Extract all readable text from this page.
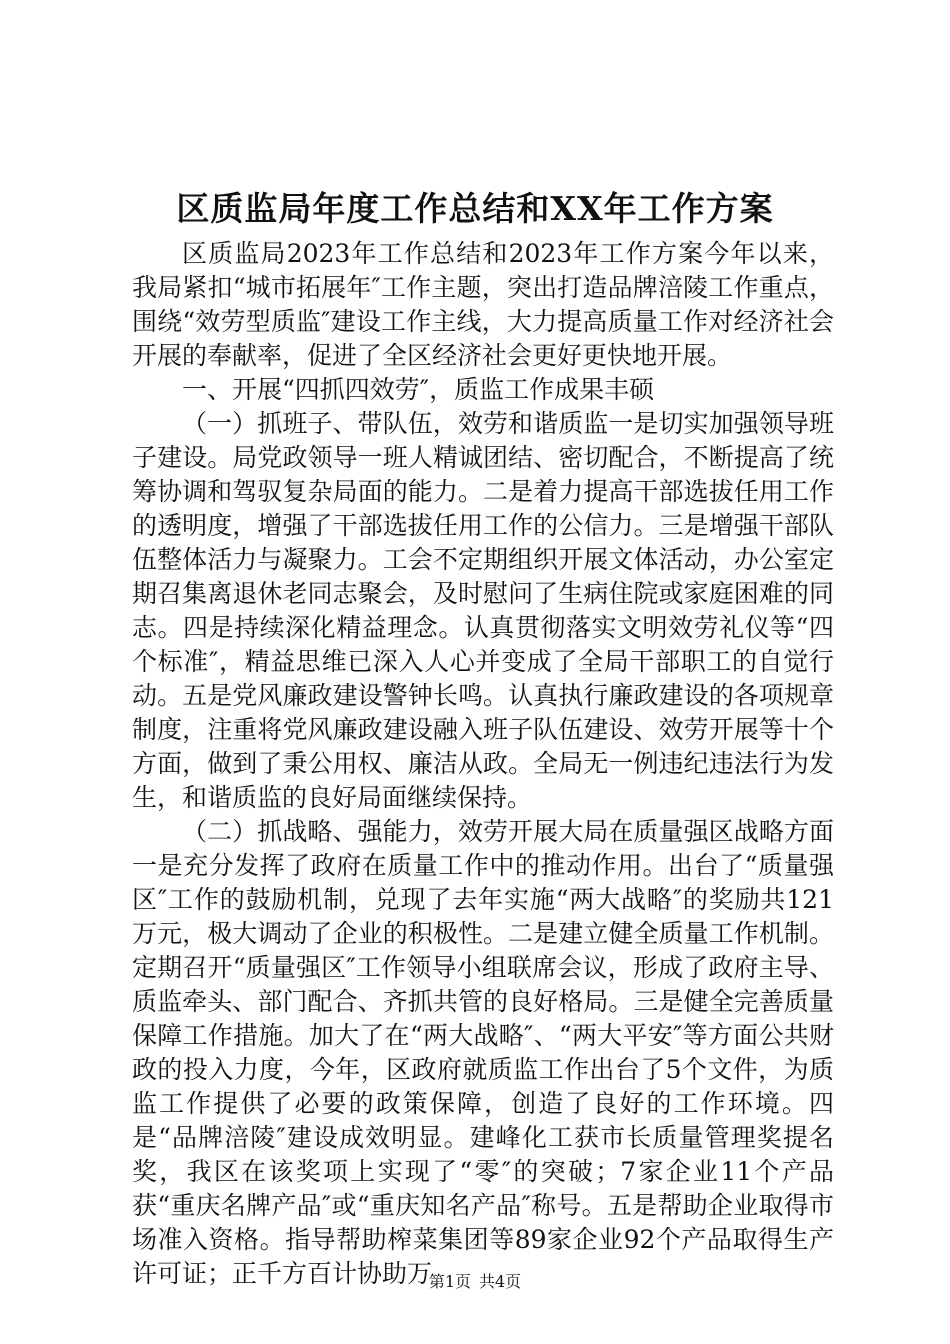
区质监局年度工作总结和XX年工作方案

区质监局2023年工作总结和2023年工作方案今年以来，我局紧扣“城市拓展年″工作主题，突出打造品牌涪陵工作重点，围绕“效劳型质监″建设工作主线，大力提高质量工作对经济社会开展的奉献率，促进了全区经济社会更好更快地开展。

一、开展“四抓四效劳″，质监工作成果丰硕

（一）抓班子、带队伍，效劳和谐质监一是切实加强领导班子建设。局党政领导一班人精诚团结、密切配合，不断提高了统筹协调和驾驭复杂局面的能力。二是着力提高干部选拔任用工作的透明度，增强了干部选拔任用工作的公信力。三是增强干部队伍整体活力与凝聚力。工会不定期组织开展文体活动，办公室定期召集离退休老同志聚会，及时慰问了生病住院或家庭困难的同志。四是持续深化精益理念。认真贯彻落实文明效劳礼仪等“四个标准″，精益思维已深入人心并变成了全局干部职工的自觉行动。五是党风廉政建设警钟长鸣。认真执行廉政建设的各项规章制度，注重将党风廉政建设融入班子队伍建设、效劳开展等十个方面，做到了秉公用权、廉洁从政。全局无一例违纪违法行为发生，和谐质监的良好局面继续保持。

（二）抓战略、强能力，效劳开展大局在质量强区战略方面一是充分发挥了政府在质量工作中的推动作用。出台了“质量强区″工作的鼓励机制，兑现了去年实施“两大战略″的奖励共121万元，极大调动了企业的积极性。二是建立健全质量工作机制。定期召开“质量强区″工作领导小组联席会议，形成了政府主导、质监牵头、部门配合、齐抓共管的良好格局。三是健全完善质量保障工作措施。加大了在“两大战略″、“两大平安″等方面公共财政的投入力度，今年，区政府就质监工作出台了5个文件，为质监工作提供了必要的政策保障，创造了良好的工作环境。四是“品牌涪陵″建设成效明显。建峰化工获市长质量管理奖提名奖，我区在该奖项上实现了“零″的突破；7家企业11个产品获“重庆名牌产品″或“重庆知名产品″称号。五是帮助企业取得市场准入资格。指导帮助榨菜集团等89家企业92个产品取得生产许可证；正千方百计协助万

第1页 共4页
